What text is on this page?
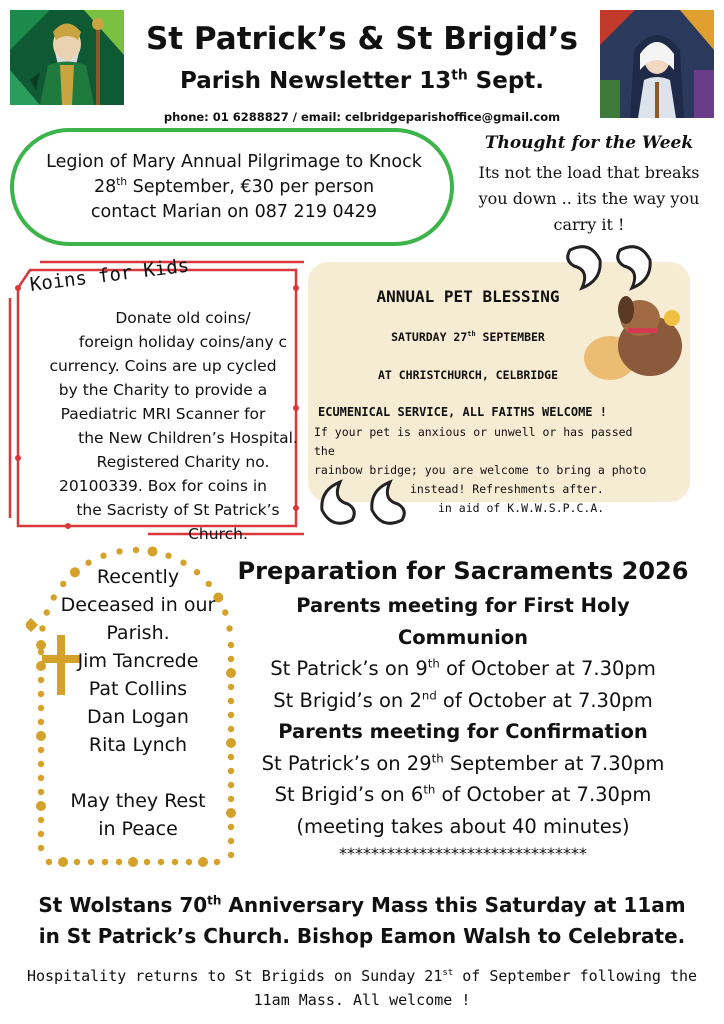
St Patrick’s & St Brigid’s
Parish Newsletter 13th Sept.
phone: 01 6288827 / email: celbridgeparishoffice@gmail.com
Legion of Mary Annual Pilgrimage to Knock
28th September, €30 per person
contact Marian on 087 219 0429
Thought for the Week
Its not the load that breaks you down .. its the way you carry it !
Koins for Kids
Donate old coins/
foreign holiday coins/any c
currency. Coins are up cycled
by the Charity to provide a
Paediatric MRI Scanner for
the New Children’s Hospital.
Registered Charity no.
20100339. Box for coins in
the Sacristy of St Patrick’s
Church.
ANNUAL PET BLESSING
SATURDAY 27th SEPTEMBER
AT CHRISTCHURCH, CELBRIDGE
ECUMENICAL SERVICE, ALL FAITHS WELCOME !
If your pet is anxious or unwell or has passed the
rainbow bridge; you are welcome to bring a photo
instead! Refreshments after.
in aid of K.W.W.S.P.C.A.
Recently
Deceased in our
Parish.
Jim Tancrede
Pat Collins
Dan Logan
Rita Lynch
May they Rest
in Peace
Preparation for Sacraments 2026
Parents meeting for First Holy Communion
St Patrick’s on 9th of October at 7.30pm
St Brigid’s on 2nd of October at 7.30pm
Parents meeting for Confirmation
St Patrick’s on 29th September at 7.30pm
St Brigid’s on 6th of October at 7.30pm
(meeting takes about 40 minutes)
*******************************
St Wolstans 70th Anniversary Mass this Saturday at 11am
in St Patrick’s Church. Bishop Eamon Walsh to Celebrate.
Hospitality returns to St Brigids on Sunday 21st of September following the
11am Mass. All welcome !
